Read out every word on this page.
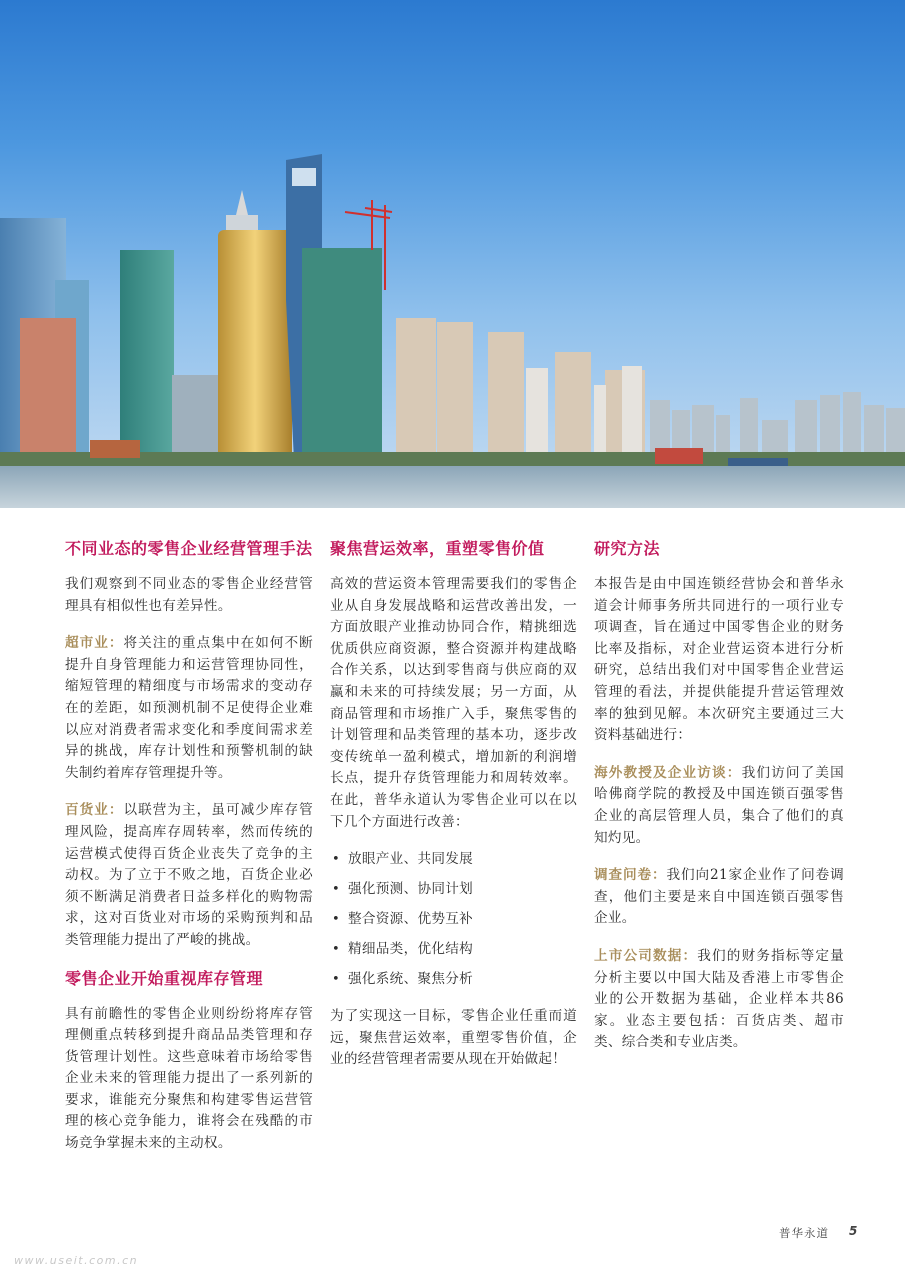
不同业态的零售企业经营管理手法

我们观察到不同业态的零售企业经营管理具有相似性也有差异性。

超市业：将关注的重点集中在如何不断提升自身管理能力和运营管理协同性，缩短管理的精细度与市场需求的变动存在的差距，如预测机制不足使得企业难以应对消费者需求变化和季度间需求差异的挑战，库存计划性和预警机制的缺失制约着库存管理提升等。

百货业：以联营为主，虽可减少库存管理风险，提高库存周转率，然而传统的运营模式使得百货企业丧失了竞争的主动权。为了立于不败之地，百货企业必须不断满足消费者日益多样化的购物需求，这对百货业对市场的采购预判和品类管理能力提出了严峻的挑战。

零售企业开始重视库存管理

具有前瞻性的零售企业则纷纷将库存管理侧重点转移到提升商品品类管理和存货管理计划性。这些意味着市场给零售企业未来的管理能力提出了一系列新的要求，谁能充分聚焦和构建零售运营管理的核心竞争能力，谁将会在残酷的市场竞争掌握未来的主动权。

聚焦营运效率，重塑零售价值

高效的营运资本管理需要我们的零售企业从自身发展战略和运营改善出发，一方面放眼产业推动协同合作，精挑细选优质供应商资源，整合资源并构建战略合作关系，以达到零售商与供应商的双赢和未来的可持续发展；另一方面，从商品管理和市场推广入手，聚焦零售的计划管理和品类管理的基本功，逐步改变传统单一盈利模式，增加新的利润增长点，提升存货管理能力和周转效率。在此，普华永道认为零售企业可以在以下几个方面进行改善：

• 放眼产业、共同发展
• 强化预测、协同计划
• 整合资源、优势互补
• 精细品类，优化结构
• 强化系统、聚焦分析

为了实现这一目标，零售企业任重而道远，聚焦营运效率，重塑零售价值，企业的经营管理者需要从现在开始做起！

研究方法

本报告是由中国连锁经营协会和普华永道会计师事务所共同进行的一项行业专项调查，旨在通过中国零售企业的财务比率及指标，对企业营运资本进行分析研究，总结出我们对中国零售企业营运管理的看法，并提供能提升营运管理效率的独到见解。本次研究主要通过三大资料基础进行：

海外教授及企业访谈：我们访问了美国哈佛商学院的教授及中国连锁百强零售企业的高层管理人员，集合了他们的真知灼见。

调查问卷：我们向21家企业作了问卷调查，他们主要是来自中国连锁百强零售企业。

上市公司数据：我们的财务指标等定量分析主要以中国大陆及香港上市零售企业的公开数据为基础，企业样本共86家。业态主要包括：百货店类、超市类、综合类和专业店类。

普华永道 5
www.useit.com.cn
